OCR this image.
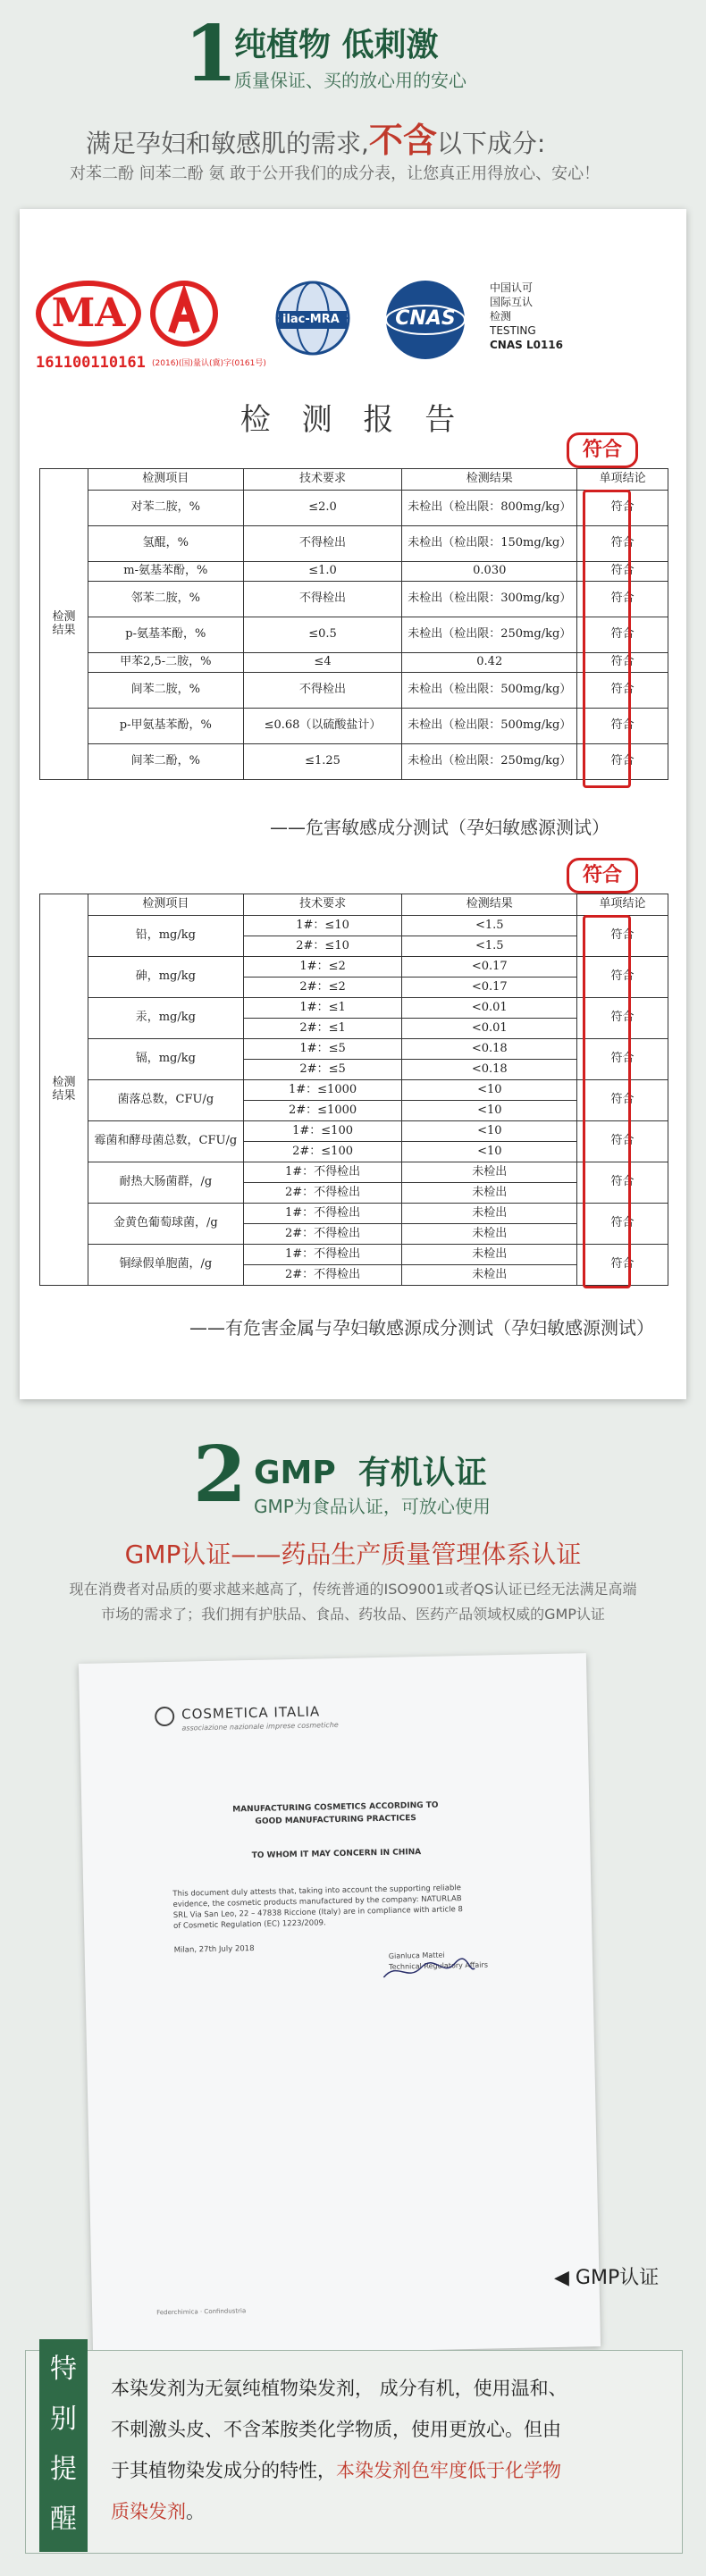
1
纯植物 低刺激
质量保证、买的放心用的安心
满足孕妇和敏感肌的需求,不含以下成分:
对苯二酚 间苯二酚 氨 敢于公开我们的成分表，让您真正用得放心、安心！
MA
161100110161 (2016)(国)量认(冀)字(0161号)
ilac-MRA	CNAS
中国认可
国际互认
检测
TESTING
CNAS L0116
检 测 报 告
符合
检测结果	检测项目	技术要求	检测结果	单项结论
	对苯二胺，%	≤2.0	未检出（检出限：800mg/kg）	符合
	氢醌，%	不得检出	未检出（检出限：150mg/kg）	符合
	m-氨基苯酚，%	≤1.0	0.030	符合
	邻苯二胺，%	不得检出	未检出（检出限：300mg/kg）	符合
	p-氨基苯酚，%	≤0.5	未检出（检出限：250mg/kg）	符合
	甲苯2,5-二胺，%	≤4	0.42	符合
	间苯二胺，%	不得检出	未检出（检出限：500mg/kg）	符合
	p-甲氨基苯酚，%	≤0.68（以硫酸盐计）	未检出（检出限：500mg/kg）	符合
	间苯二酚，%	≤1.25	未检出（检出限：250mg/kg）	符合
——危害敏感成分测试（孕妇敏感源测试）
符合
检测结果	检测项目	技术要求	检测结果	单项结论
	铅，mg/kg	1#：≤10	<1.5	符合
		2#：≤10	<1.5	
	砷，mg/kg	1#：≤2	<0.17	符合
		2#：≤2	<0.17	
	汞，mg/kg	1#：≤1	<0.01	符合
		2#：≤1	<0.01	
	镉，mg/kg	1#：≤5	<0.18	符合
		2#：≤5	<0.18	
	菌落总数，CFU/g	1#：≤1000	<10	符合
		2#：≤1000	<10	
	霉菌和酵母菌总数，CFU/g	1#：≤100	<10	符合
		2#：≤100	<10	
	耐热大肠菌群，/g	1#：不得检出	未检出	符合
		2#：不得检出	未检出	
	金黄色葡萄球菌，/g	1#：不得检出	未检出	符合
		2#：不得检出	未检出	
	铜绿假单胞菌，/g	1#：不得检出	未检出	符合
		2#：不得检出	未检出	
——有危害金属与孕妇敏感源成分测试（孕妇敏感源测试）
2 GMP  有机认证
GMP为食品认证，可放心使用
GMP认证——药品生产质量管理体系认证
现在消费者对品质的要求越来越高了，传统普通的ISO9001或者QS认证已经无法满足高端
市场的需求了；我们拥有护肤品、食品、药妆品、医药产品领域权威的GMP认证
COSMETICA ITALIA
associazione nazionale imprese cosmetiche
MANUFACTURING COSMETICS ACCORDING TO
GOOD MANUFACTURING PRACTICES
TO WHOM IT MAY CONCERN IN CHINA
This document duly attests that, taking into account the supporting reliable
evidence, the cosmetic products manufactured by the company: NATURLAB
SRL Via San Leo, 22 – 47838 Riccione (Italy) are in compliance with article 8
of Cosmetic Regulation (EC) 1223/2009.
Milan, 27th July 2018
Gianluca Mattei
Technical Regulatory Affairs
Federchimica · Confindustria
◀ GMP认证
特
别
提
醒
本染发剂为无氨纯植物染发剂， 成分有机，使用温和、
不刺激头皮、不含苯胺类化学物质，使用更放心。但由
于其植物染发成分的特性，本染发剂色牢度低于化学物
质染发剂。
